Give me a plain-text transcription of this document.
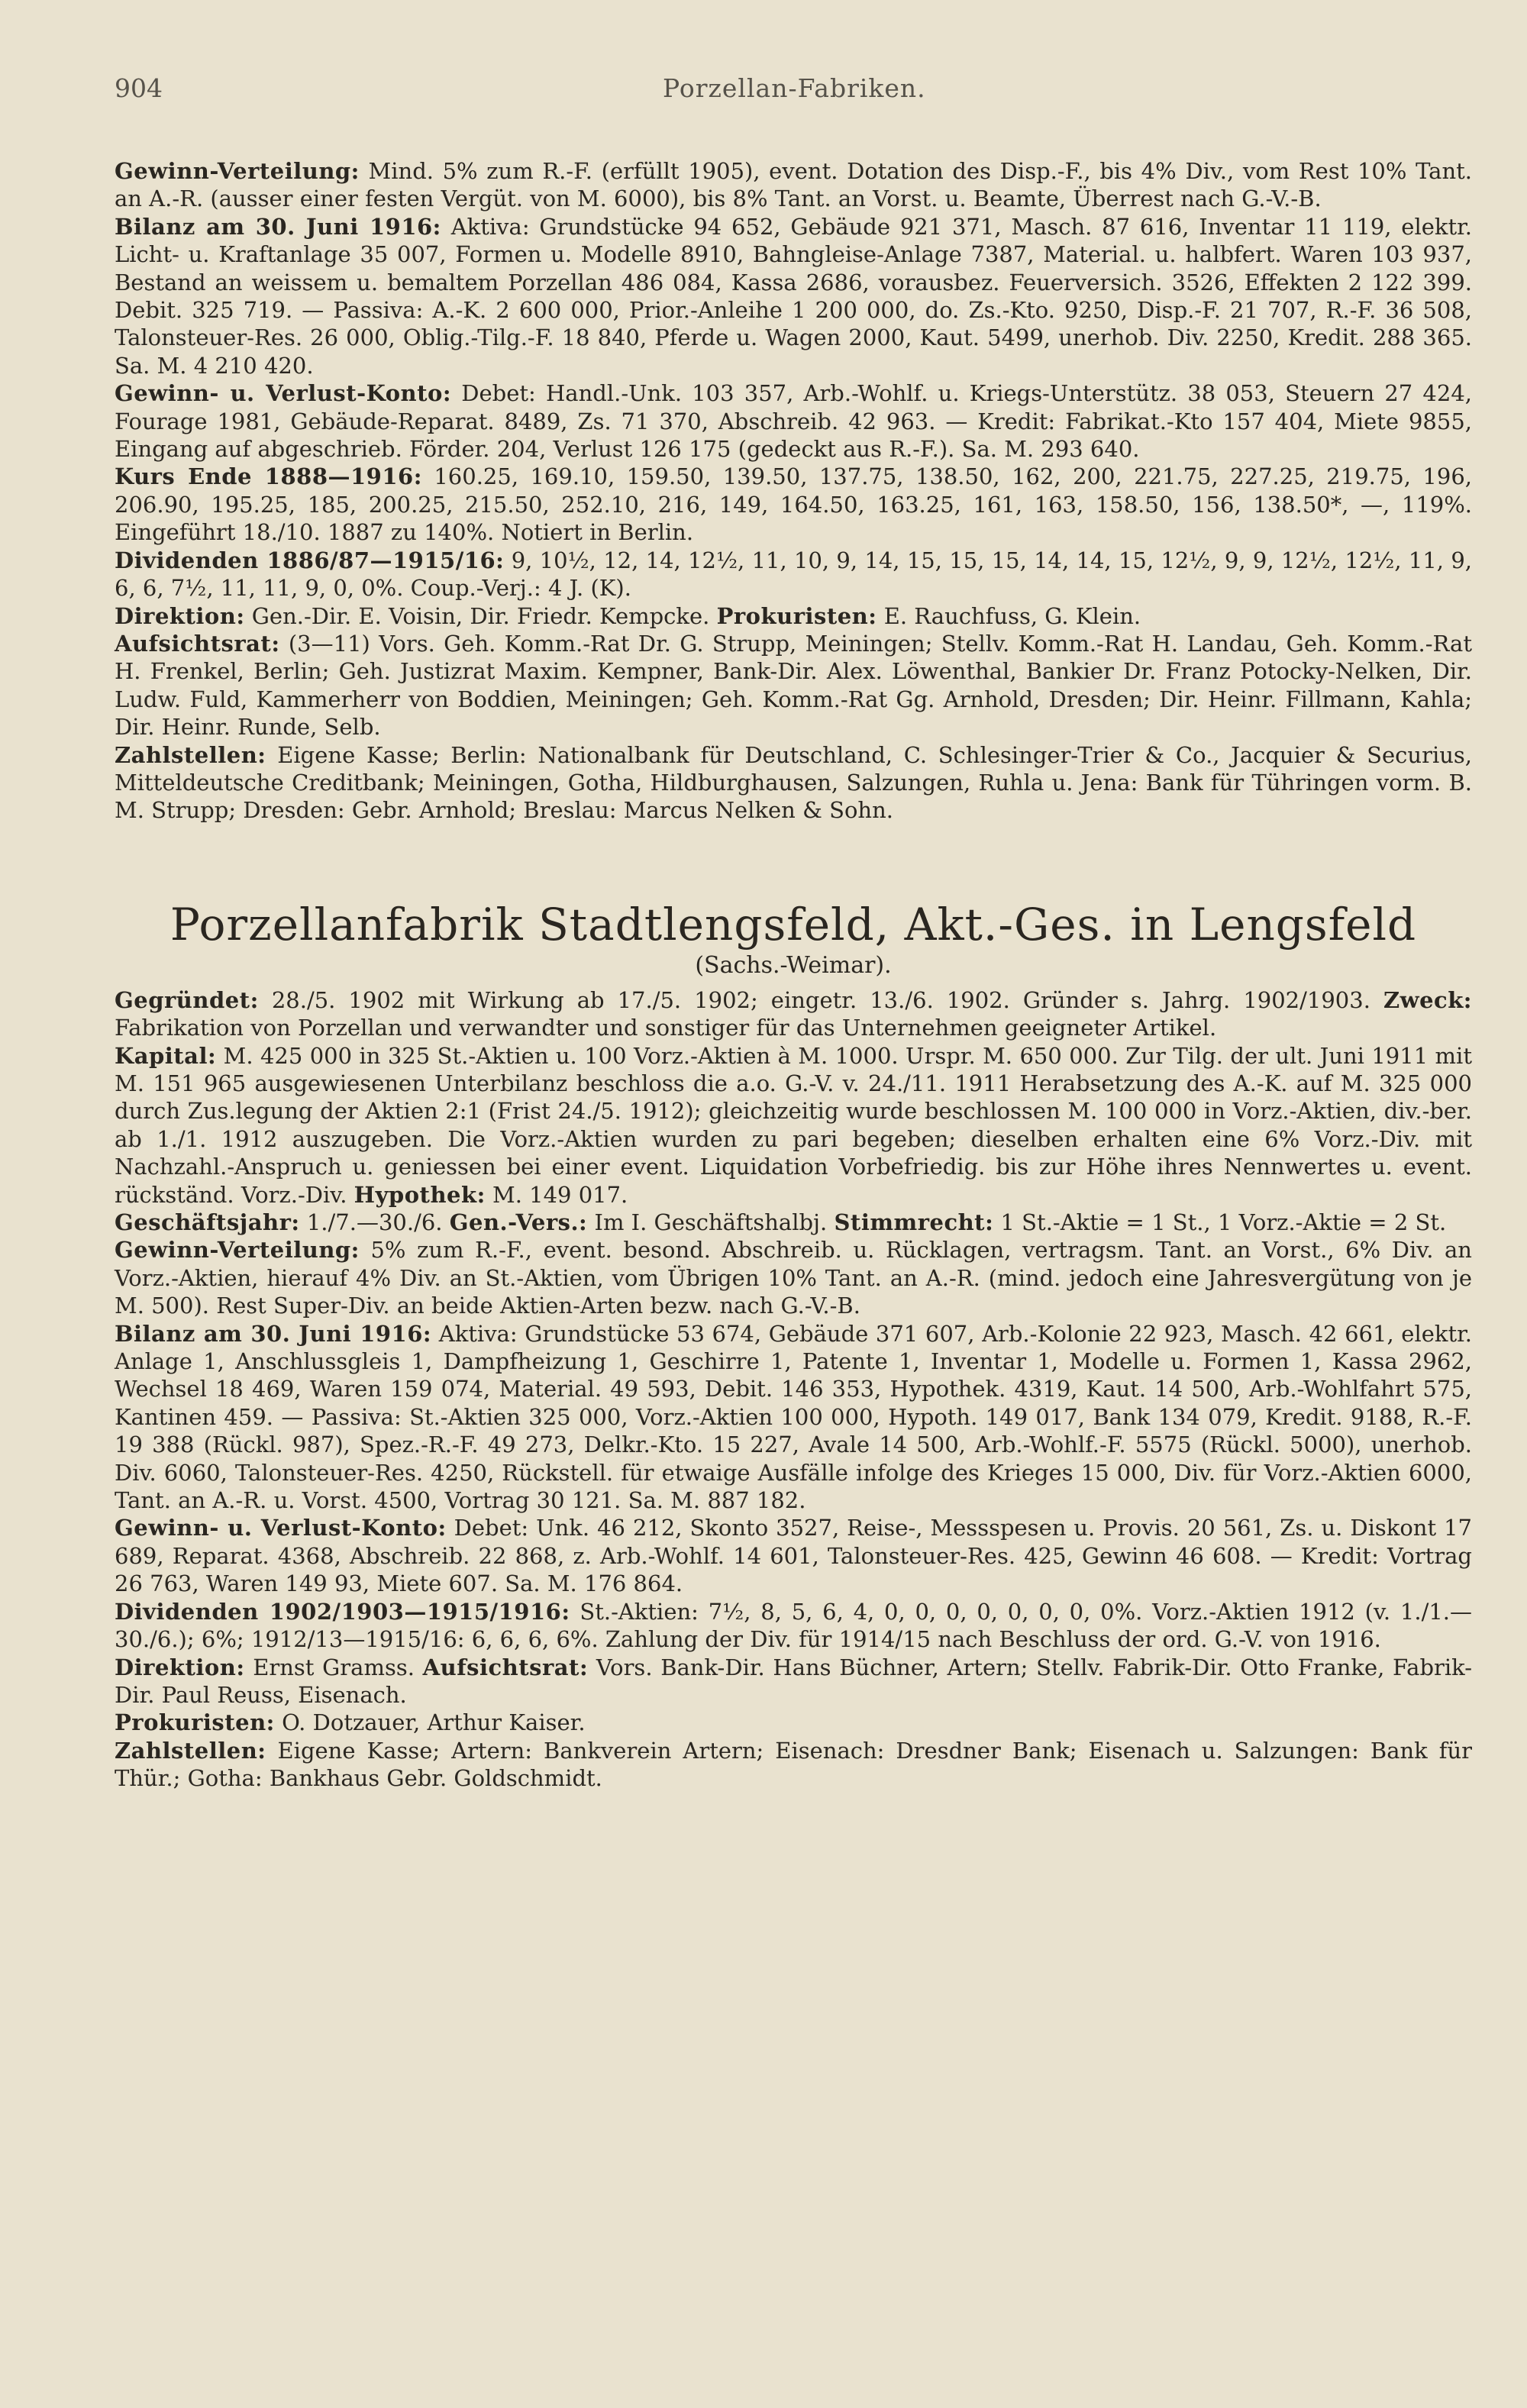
904	Porzellan-Fabriken.

Gewinn-Verteilung: Mind. 5% zum R.-F. (erfüllt 1905), event. Dotation des Disp.-F., bis 4% Div., vom Rest 10% Tant. an A.-R. (ausser einer festen Vergüt. von M. 6000), bis 8% Tant. an Vorst. u. Beamte, Überrest nach G.-V.-B.

Bilanz am 30. Juni 1916: Aktiva: Grundstücke 94 652, Gebäude 921 371, Masch. 87 616, Inventar 11 119, elektr. Licht- u. Kraftanlage 35 007, Formen u. Modelle 8910, Bahngleise-Anlage 7387, Material. u. halbfert. Waren 103 937, Bestand an weissem u. bemaltem Porzellan 486 084, Kassa 2686, vorausbez. Feuerversich. 3526, Effekten 2 122 399. Debit. 325 719. — Passiva: A.-K. 2 600 000, Prior.-Anleihe 1 200 000, do. Zs.-Kto. 9250, Disp.-F. 21 707, R.-F. 36 508, Talonsteuer-Res. 26 000, Oblig.-Tilg.-F. 18 840, Pferde u. Wagen 2000, Kaut. 5499, unerhob. Div. 2250, Kredit. 288 365. Sa. M. 4 210 420.

Gewinn- u. Verlust-Konto: Debet: Handl.-Unk. 103 357, Arb.-Wohlf. u. Kriegs-Unterstütz. 38 053, Steuern 27 424, Fourage 1981, Gebäude-Reparat. 8489, Zs. 71 370, Abschreib. 42 963. — Kredit: Fabrikat.-Kto 157 404, Miete 9855, Eingang auf abgeschrieb. Förder. 204, Verlust 126 175 (gedeckt aus R.-F.). Sa. M. 293 640.

Kurs Ende 1888—1916: 160.25, 169.10, 159.50, 139.50, 137.75, 138.50, 162, 200, 221.75, 227.25, 219.75, 196, 206.90, 195.25, 185, 200.25, 215.50, 252.10, 216, 149, 164.50, 163.25, 161, 163, 158.50, 156, 138.50*, —, 119%. Eingeführt 18./10. 1887 zu 140%. Notiert in Berlin.

Dividenden 1886/87—1915/16: 9, 10½, 12, 14, 12½, 11, 10, 9, 14, 15, 15, 15, 14, 14, 15, 12½, 9, 9, 12½, 12½, 11, 9, 6, 6, 7½, 11, 11, 9, 0, 0%. Coup.-Verj.: 4 J. (K).

Direktion: Gen.-Dir. E. Voisin, Dir. Friedr. Kempcke. Prokuristen: E. Rauchfuss, G. Klein.

Aufsichtsrat: (3—11) Vors. Geh. Komm.-Rat Dr. G. Strupp, Meiningen; Stellv. Komm.-Rat H. Landau, Geh. Komm.-Rat H. Frenkel, Berlin; Geh. Justizrat Maxim. Kempner, Bank-Dir. Alex. Löwenthal, Bankier Dr. Franz Potocky-Nelken, Dir. Ludw. Fuld, Kammerherr von Boddien, Meiningen; Geh. Komm.-Rat Gg. Arnhold, Dresden; Dir. Heinr. Fillmann, Kahla; Dir. Heinr. Runde, Selb.

Zahlstellen: Eigene Kasse; Berlin: Nationalbank für Deutschland, C. Schlesinger-Trier & Co., Jacquier & Securius, Mitteldeutsche Creditbank; Meiningen, Gotha, Hildburghausen, Salzungen, Ruhla u. Jena: Bank für Tühringen vorm. B. M. Strupp; Dresden: Gebr. Arnhold; Breslau: Marcus Nelken & Sohn.

Porzellanfabrik Stadtlengsfeld, Akt.-Ges. in Lengsfeld
(Sachs.-Weimar).

Gegründet: 28./5. 1902 mit Wirkung ab 17./5. 1902; eingetr. 13./6. 1902. Gründer s. Jahrg. 1902/1903. Zweck: Fabrikation von Porzellan und verwandter und sonstiger für das Unternehmen geeigneter Artikel.

Kapital: M. 425 000 in 325 St.-Aktien u. 100 Vorz.-Aktien à M. 1000. Urspr. M. 650 000. Zur Tilg. der ult. Juni 1911 mit M. 151 965 ausgewiesenen Unterbilanz beschloss die a.o. G.-V. v. 24./11. 1911 Herabsetzung des A.-K. auf M. 325 000 durch Zus.legung der Aktien 2:1 (Frist 24./5. 1912); gleichzeitig wurde beschlossen M. 100 000 in Vorz.-Aktien, div.-ber. ab 1./1. 1912 auszugeben. Die Vorz.-Aktien wurden zu pari begeben; dieselben erhalten eine 6% Vorz.-Div. mit Nachzahl.-Anspruch u. geniessen bei einer event. Liquidation Vorbefriedig. bis zur Höhe ihres Nennwertes u. event. rückständ. Vorz.-Div. Hypothek: M. 149 017.

Geschäftsjahr: 1./7.—30./6. Gen.-Vers.: Im I. Geschäftshalbj. Stimmrecht: 1 St.-Aktie = 1 St., 1 Vorz.-Aktie = 2 St.

Gewinn-Verteilung: 5% zum R.-F., event. besond. Abschreib. u. Rücklagen, vertragsm. Tant. an Vorst., 6% Div. an Vorz.-Aktien, hierauf 4% Div. an St.-Aktien, vom Übrigen 10% Tant. an A.-R. (mind. jedoch eine Jahresvergütung von je M. 500). Rest Super-Div. an beide Aktien-Arten bezw. nach G.-V.-B.

Bilanz am 30. Juni 1916: Aktiva: Grundstücke 53 674, Gebäude 371 607, Arb.-Kolonie 22 923, Masch. 42 661, elektr. Anlage 1, Anschlussgleis 1, Dampfheizung 1, Geschirre 1, Patente 1, Inventar 1, Modelle u. Formen 1, Kassa 2962, Wechsel 18 469, Waren 159 074, Material. 49 593, Debit. 146 353, Hypothek. 4319, Kaut. 14 500, Arb.-Wohlfahrt 575, Kantinen 459. — Passiva: St.-Aktien 325 000, Vorz.-Aktien 100 000, Hypoth. 149 017, Bank 134 079, Kredit. 9188, R.-F. 19 388 (Rückl. 987), Spez.-R.-F. 49 273, Delkr.-Kto. 15 227, Avale 14 500, Arb.-Wohlf.-F. 5575 (Rückl. 5000), unerhob. Div. 6060, Talonsteuer-Res. 4250, Rückstell. für etwaige Ausfälle infolge des Krieges 15 000, Div. für Vorz.-Aktien 6000, Tant. an A.-R. u. Vorst. 4500, Vortrag 30 121. Sa. M. 887 182.

Gewinn- u. Verlust-Konto: Debet: Unk. 46 212, Skonto 3527, Reise-, Messspesen u. Provis. 20 561, Zs. u. Diskont 17 689, Reparat. 4368, Abschreib. 22 868, z. Arb.-Wohlf. 14 601, Talonsteuer-Res. 425, Gewinn 46 608. — Kredit: Vortrag 26 763, Waren 149 93, Miete 607. Sa. M. 176 864.

Dividenden 1902/1903—1915/1916: St.-Aktien: 7½, 8, 5, 6, 4, 0, 0, 0, 0, 0, 0, 0, 0%. Vorz.-Aktien 1912 (v. 1./1.—30./6.); 6%; 1912/13—1915/16: 6, 6, 6, 6%. Zahlung der Div. für 1914/15 nach Beschluss der ord. G.-V. von 1916.

Direktion: Ernst Gramss. Aufsichtsrat: Vors. Bank-Dir. Hans Büchner, Artern; Stellv. Fabrik-Dir. Otto Franke, Fabrik-Dir. Paul Reuss, Eisenach.

Prokuristen: O. Dotzauer, Arthur Kaiser.

Zahlstellen: Eigene Kasse; Artern: Bankverein Artern; Eisenach: Dresdner Bank; Eisenach u. Salzungen: Bank für Thür.; Gotha: Bankhaus Gebr. Goldschmidt.
